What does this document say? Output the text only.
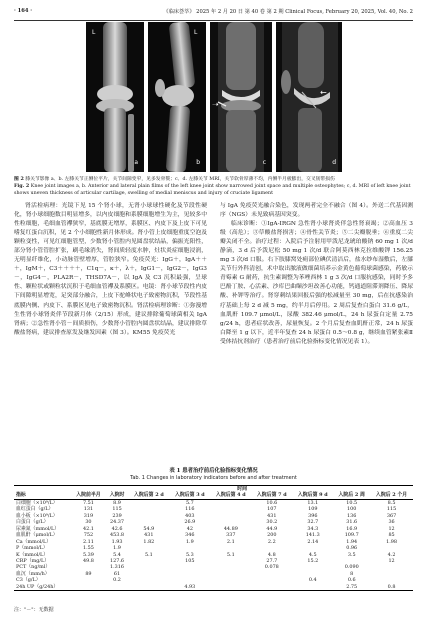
· 164 ·	《临床荟萃》 2025 年 2 月 20 日 第 40 卷 第 2 期 Clinical Focus, February 20, 2025, Vol. 40, No. 2
L
a
L
b
➝
c
←
d
图 2 膝关节影像 a、b. 左膝关节正侧位平片，关节间隙变窄，见多发骨赘；c、d. 左膝关节 MRI，关节软骨厚薄不均，内侧半月板膨出，交叉韧带损伤
Fig. 2 Knee joint images a, b. Anterior and lateral plain films of the left knee joint show narrowed joint space and multiple osteophytes; c, d. MRI of left knee joint shows uneven thickness of articular cartilage, swelling of medial meniscus and injury of cruciate ligament

肾活检病理：光镜下见 15 个肾小球，无肾小球球性硬化及节段性硬化，肾小球细胞数目明显增多，以内皮细胞和系膜细胞增生为主，见较多中性粒细胞，毛细血管襻狭窄，基底膜无增厚，系膜区、内皮下及上皮下可见嗜复红蛋白沉积，见 2 个小细胞性新月体形成。肾小管上皮细胞重度空泡及颗粒变性，可见红细胞管型，少数肾小管腔内见圆盘状结晶，偏振光阳性，部分肾小管管腔扩张，刷毛缘消失，肾间质轻度水肿，灶状炎症细胞浸润，无明显纤维化，小动脉管壁增厚，管腔狭窄。免疫荧光：IgG＋，IgA＋＋＋，IgM＋，C3＋＋＋＋，C1q－，κ＋，λ＋，IgG1－，IgG2－，IgG3－，IgG4－，PLA2R－，THSD7A－，以 IgA 及 C3 沉积最强，呈球性、颗粒状或颗粒状沉积于毛细血管襻及系膜区。电镜：肾小球节段性内皮下间隙明显增宽，足突部分融合，上皮下驼峰状电子致密物沉积，节段性基底膜内侧、内皮下、系膜区见电子致密物沉积。肾活检病理诊断：①弥漫增生性肾小球肾炎伴节段新月体（2/15）形成，建议排除葡萄球菌相关 IgA 肾病；②急性肾小管－间质损伤，少数肾小管腔内圆盘状结晶，建议排除草酸盐肾病，建议排查原发及继发因素（图 3）。KM55 免疫荧光

与 IgA 免疫荧光融合染色，发现两者完全不融合（图 4）。外送二代基因测序（NGS）未见致病基因突变。

临床诊断：①IgA-IRGN 急性肾小球肾炎伴急性肾衰竭；②高血压 3 级（高危）；③草酸盐肾损害；④骨性关节炎；⑤二尖瓣脱垂；⑥重度二尖瓣关闭不全。治疗过程：入院后予注射用甲泼尼龙琥珀酸钠 60 mg 1 次/d 静滴，3 d 后予泼尼松 50 mg 1 次/d 联合阿莫西林克拉维酸钾 156.25 mg 3 次/d 口服。右下肢膝窝处痈部位碘伏清洁后，盐水纱布湿敷后，左膝关节行外科清创，术中取出脓液做细菌培养示金黄色葡萄球菌感染，药敏示青霉素 G 耐药，抗生素调整为苯唑西林 1 g 3 次/d 口服抗感染，同时予多巴酚丁胺、心活素、沙库巴曲缬沙坦改善心功能，钙通道阻滞剂降压、降尿酸、补钾等治疗。肾穿刺结果回报后强的松减量至 30 mg，后在抗感染治疗基础上每 2 d 减 5 mg，约半月后停用。2 周后复查白蛋白 31.6 g/L，血肌酐 109.7 μmol/L，尿酸 382.46 μmol/L，24 h 尿蛋白定量 2.75 g/24 h，患者症状改善，尿量恢复。2 个月后复查血肌酐正常，24 h 尿蛋白降至 1 g 以下，近半年复查 24 h 尿蛋白 0.5～0.8 g，继续血管紧张素Ⅱ受体拮抗剂治疗（患者治疗前后化验指标变化情况见表 1）。

表 1 患者治疗前后化验指标变化情况
Tab. 1 Changes in laboratory indicators before and after treatment
	时间								
指标	入院前半月	入院时	入院后第 2 d	入院后第 3 d	入院后第 4 d	入院后第 7 d	入院后第 9 d	入院后 2 周	入院后 2 个月
白细胞（×10⁹/L）	7.51	8.9		5.7		10.6	13.1	10.5	8.5
血红蛋白（g/L）	131	115		116		107	109	100	115
血小板（×10⁹/L）	319	239		403		431	396	136	367
白蛋白（g/L）	30	24.37		26.9		30.2	32.7	31.6	36
尿素氮（mmol/L）	42.1	42.6	54.9	42	44.89	44.9	34.3	16.9	12
血肌酐（μmol/L）	752	453.8	431	346	337	200	141.3	109.7	85
Ca（mmol/L）	2.11	1.93	1.82	1.9	2.1	2.2	2.14	1.94	1.98
P（mmol/L）	1.55	1.9						0.96	
K（mmol/L）	5.39	5.4	5.1	5.3	5.1	4.8	4.5	3.5	4.2
CRP（mg/L）	49.8	127.6		105		27.7	15.2		12
PCT（ng/ml）		1.316				0.078		0.090	
血沉（mm/h）	89	61						8	
C3（g/L）		0.2					0.4	0.6	
24h UP（g/24h）				4.93				2.75	0.8
注："－"：无数据
